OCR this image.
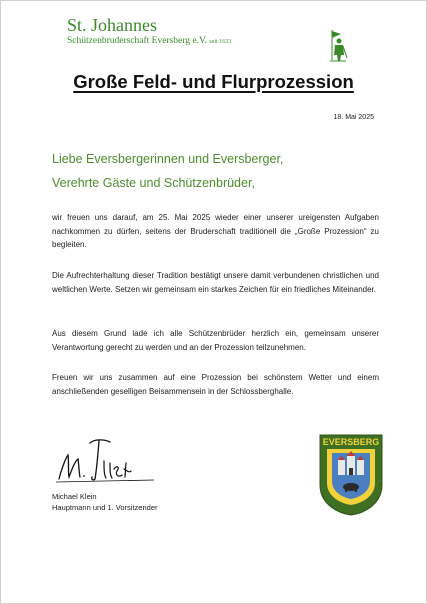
St. Johannes
Schützenbruderschaft Eversberg e.V. seit 1633
Große Feld- und Flurprozession
18. Mai 2025
Liebe Eversbergerinnen und Eversberger,
Verehrte Gäste und Schützenbrüder,

wir freuen uns darauf, am 25. Mai 2025 wieder einer unserer ureigensten Aufgaben nachkommen zu dürfen, seitens der Bruderschaft traditionell die „Große Prozession“ zu begleiten.

Die Aufrechterhaltung dieser Tradition bestätigt unsere damit verbundenen christlichen und weltlichen Werte. Setzen wir gemeinsam ein starkes Zeichen für ein friedliches Miteinander.

Aus diesem Grund lade ich alle Schützenbrüder herzlich ein, gemeinsam unserer Verantwortung gerecht zu werden und an der Prozession teilzunehmen.

Freuen wir uns zusammen auf eine Prozession bei schönstem Wetter und einem anschließenden geselligen Beisammensein in der Schlossberghalle.

Michael Klein
Hauptmann und 1. Vorsitzender
EVERSBERG
